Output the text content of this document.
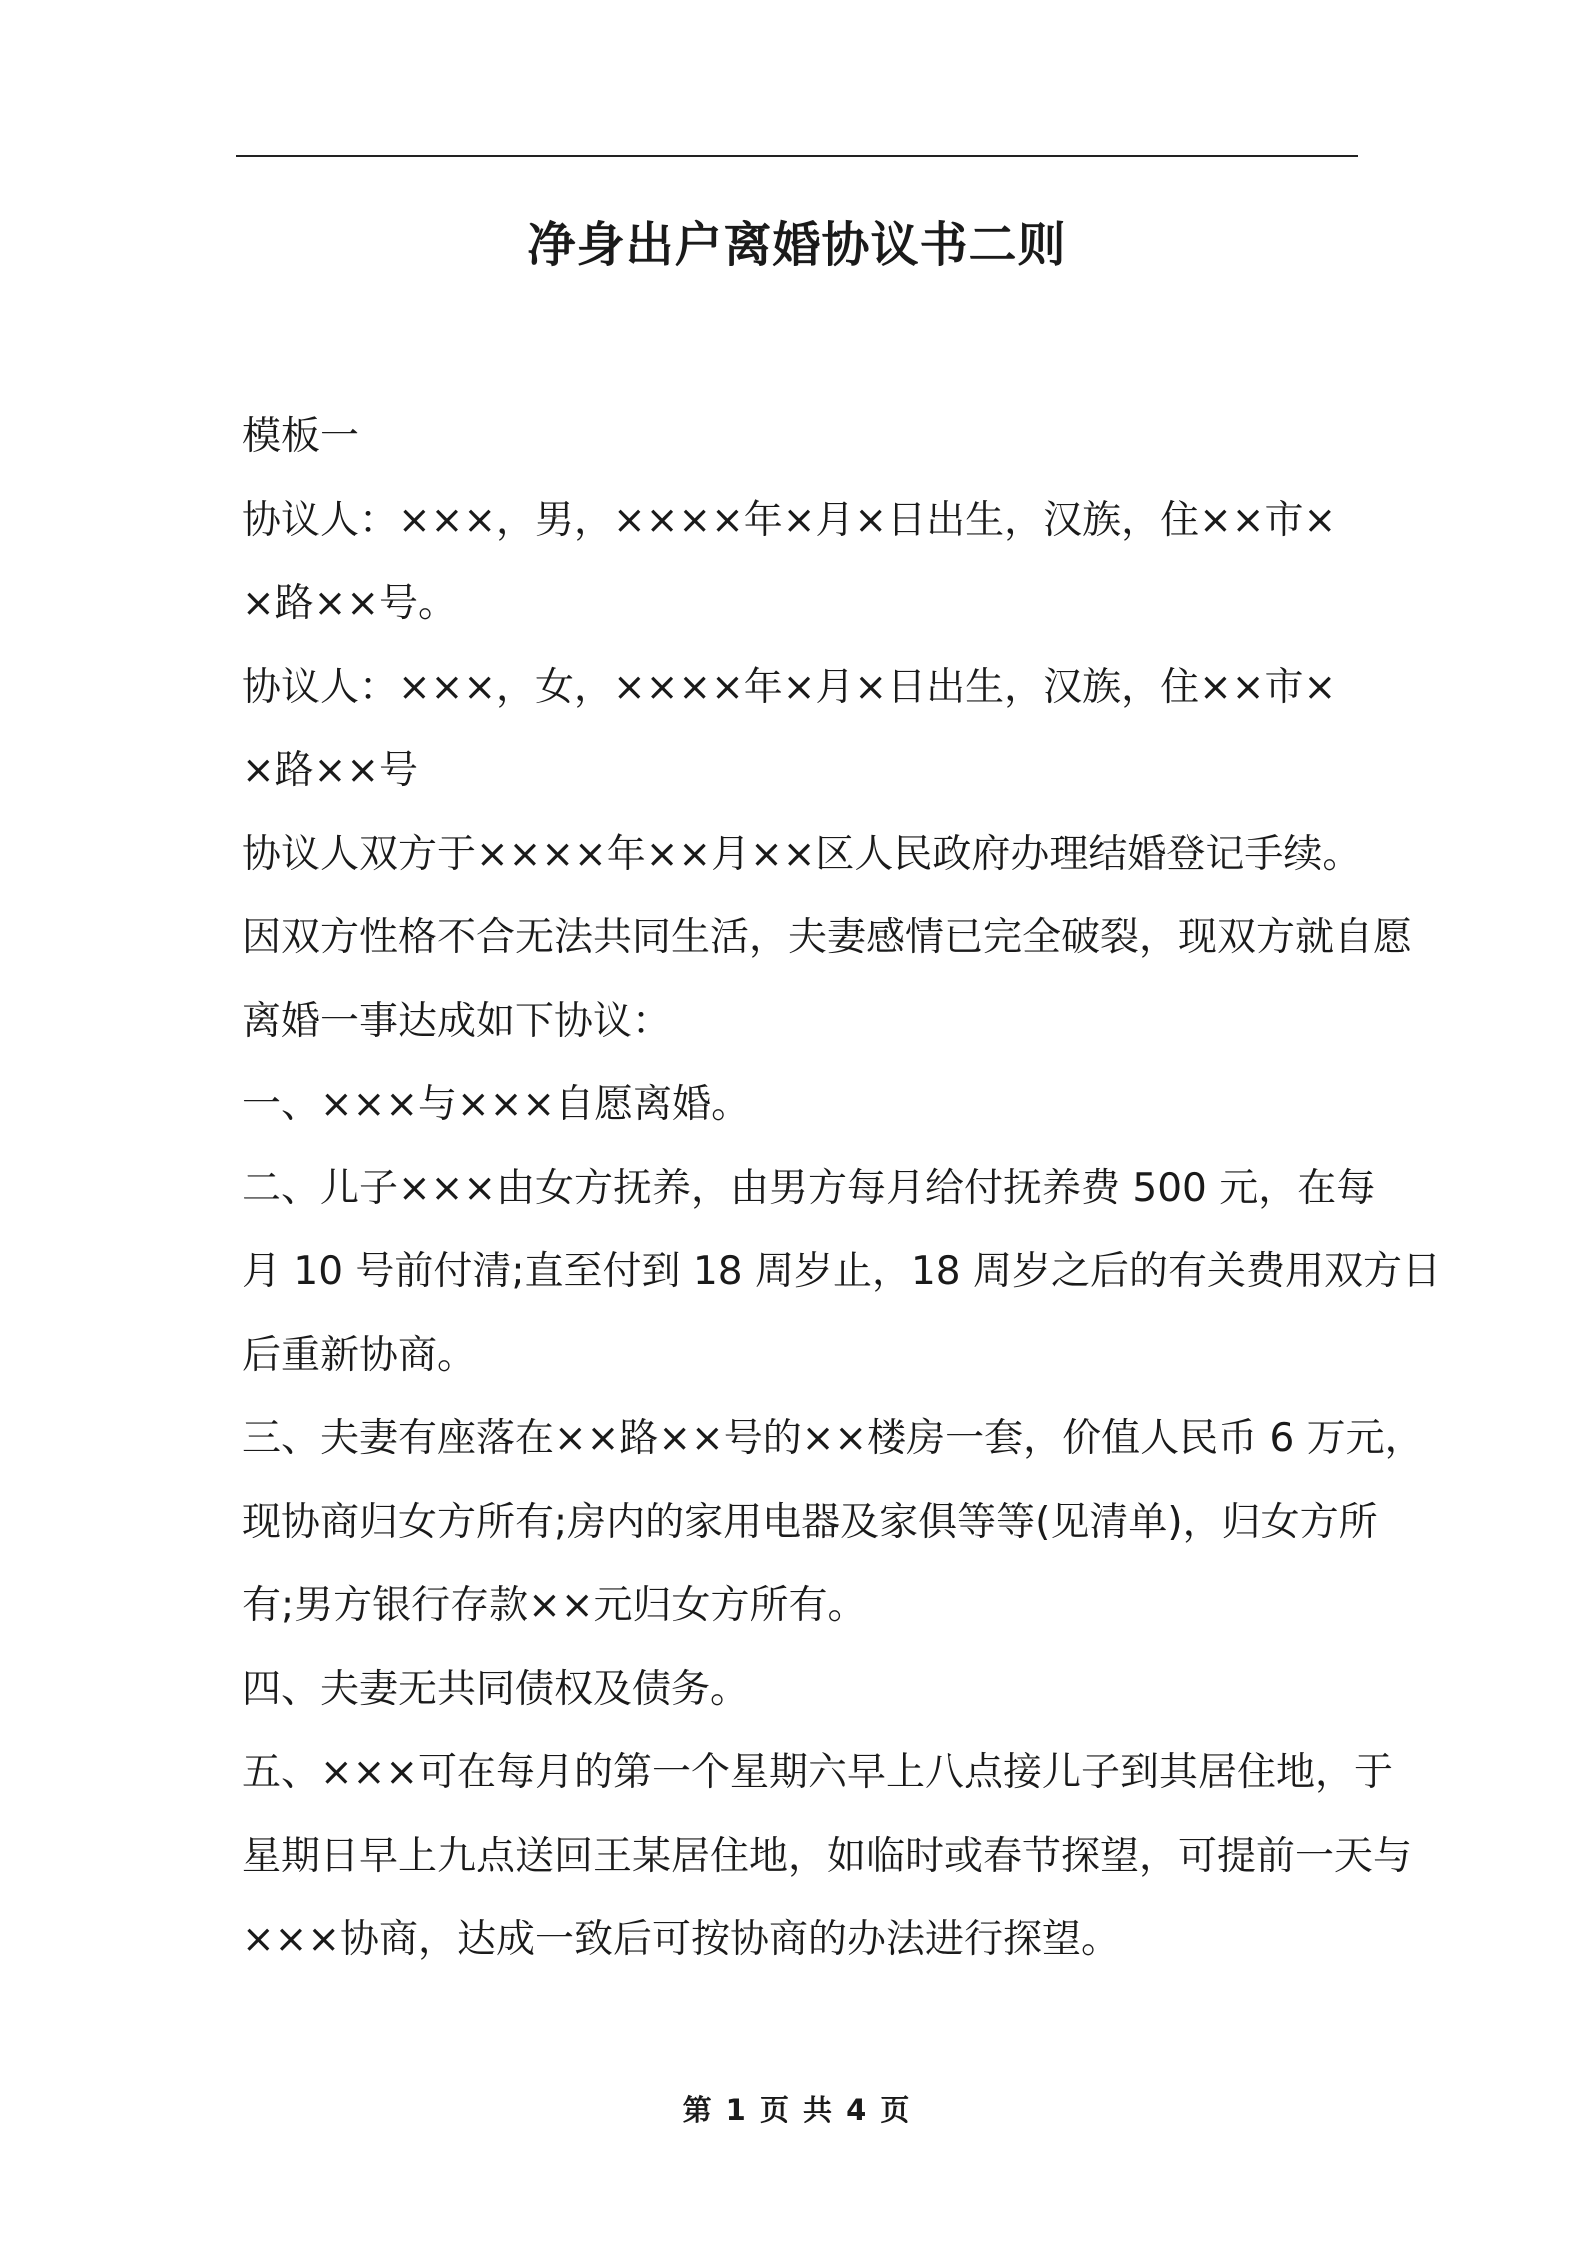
净身出户离婚协议书二则
模板一
协议人：×××，男，××××年×月×日出生，汉族，住××市×
×路××号。
协议人：×××，女，××××年×月×日出生，汉族，住××市×
×路××号
协议人双方于××××年××月××区人民政府办理结婚登记手续。
因双方性格不合无法共同生活，夫妻感情已完全破裂，现双方就自愿
离婚一事达成如下协议：
一、×××与×××自愿离婚。
二、儿子×××由女方抚养，由男方每月给付抚养费 500 元，在每
月 10 号前付清;直至付到 18 周岁止，18 周岁之后的有关费用双方日
后重新协商。
三、夫妻有座落在××路××号的××楼房一套，价值人民币 6 万元，
现协商归女方所有;房内的家用电器及家俱等等(见清单)，归女方所
有;男方银行存款××元归女方所有。
四、夫妻无共同债权及债务。
五、×××可在每月的第一个星期六早上八点接儿子到其居住地，于
星期日早上九点送回王某居住地，如临时或春节探望，可提前一天与
×××协商，达成一致后可按协商的办法进行探望。
第 1 页 共 4 页
